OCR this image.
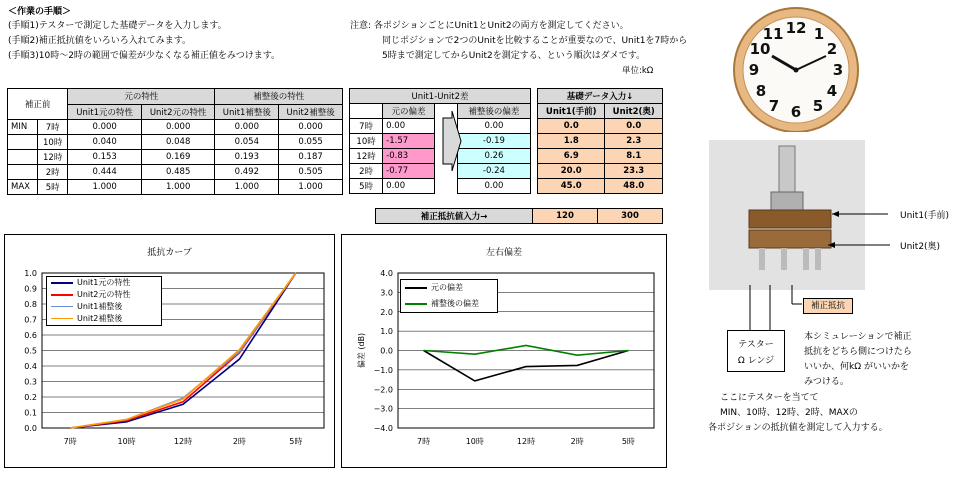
＜作業の手順＞
(手順1)テスターで測定した基礎データを入力します。
(手順2)補正抵抗値をいろいろ入れてみます。
(手順3)10時～2時の範囲で偏差が少なくなる補正値をみつけます。
注意: 各ポジションごとにUnit1とUnit2の両方を測定してください。
同じポジションで2つのUnitを比較することが重要なので、Unit1を7時から
5時まで測定してからUnit2を測定する、という順次はダメです。
単位:kΩ
補正前		元の特性		補整後の特性	
		Unit1元の特性	Unit2元の特性	Unit1補整後	Unit2補整後
MIN	7時	0.000	0.000	0.000	0.000
	10時	0.040	0.048	0.054	0.055
	12時	0.153	0.169	0.193	0.187
	2時	0.444	0.485	0.492	0.505
MAX	5時	1.000	1.000	1.000	1.000
Unit1-Unit2差			
	元の偏差		補整後の偏差
7時	0.00		0.00
10時	-1.57		-0.19
12時	-0.83		0.26
2時	-0.77		-0.24
5時	0.00		0.00
基礎データ入力↓	
Unit1(手前)	Unit2(奥)
0.0	0.0
1.8	2.3
6.9	8.1
20.0	23.3
45.0	48.0
補正抵抗値入力→	120	300
抵抗カーブ
0.0
0.1
0.2
0.3
0.4
0.5
0.6
0.7
0.8
0.9
1.0
7時	10時	12時	2時	5時
Unit1元の特性
Unit2元の特性
Unit1補整後
Unit2補整後
左右偏差
−4.0
−3.0
−2.0
−1.0
0.0
1.0
2.0
3.0
4.0
7時	10時	12時	2時	5時
偏差 (dB)
元の偏差
補整後の偏差
12 1
2
3
4
5
6
7
8
9
10
11
Unit1(手前)
Unit2(奥)
補正抵抗
テスター
Ω レンジ
本シミュレーションで補正
抵抗をどちら側につけたら
いいか、何kΩ がいいかを
みつける。
ここにテスターを当てて
MIN、10時、12時、2時、MAXの
各ポジションの抵抗値を測定して入力する。
